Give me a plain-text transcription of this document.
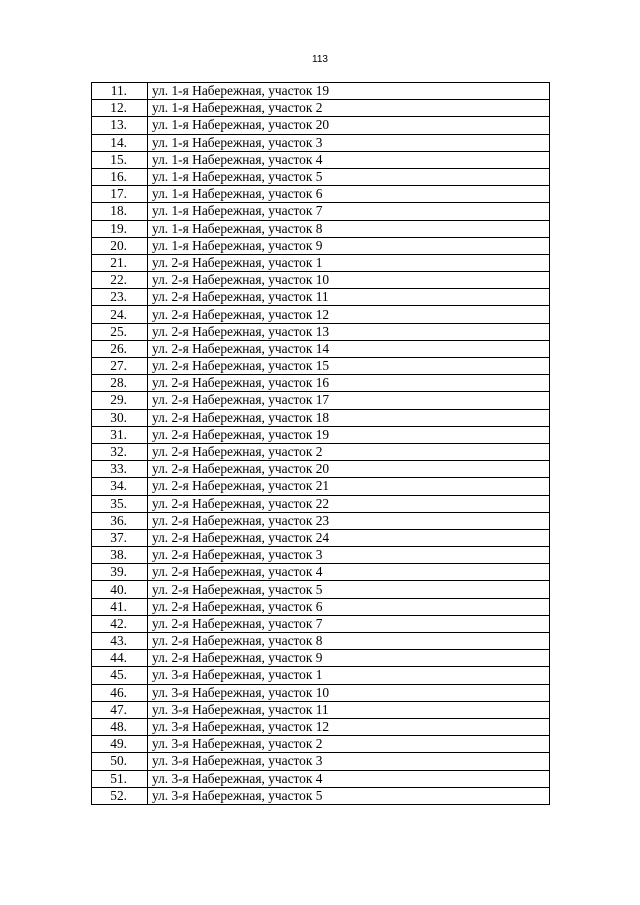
113
11.	ул. 1-я Набережная, участок 19
12.	ул. 1-я Набережная, участок 2
13.	ул. 1-я Набережная, участок 20
14.	ул. 1-я Набережная, участок 3
15.	ул. 1-я Набережная, участок 4
16.	ул. 1-я Набережная, участок 5
17.	ул. 1-я Набережная, участок 6
18.	ул. 1-я Набережная, участок 7
19.	ул. 1-я Набережная, участок 8
20.	ул. 1-я Набережная, участок 9
21.	ул. 2-я Набережная, участок 1
22.	ул. 2-я Набережная, участок 10
23.	ул. 2-я Набережная, участок 11
24.	ул. 2-я Набережная, участок 12
25.	ул. 2-я Набережная, участок 13
26.	ул. 2-я Набережная, участок 14
27.	ул. 2-я Набережная, участок 15
28.	ул. 2-я Набережная, участок 16
29.	ул. 2-я Набережная, участок 17
30.	ул. 2-я Набережная, участок 18
31.	ул. 2-я Набережная, участок 19
32.	ул. 2-я Набережная, участок 2
33.	ул. 2-я Набережная, участок 20
34.	ул. 2-я Набережная, участок 21
35.	ул. 2-я Набережная, участок 22
36.	ул. 2-я Набережная, участок 23
37.	ул. 2-я Набережная, участок 24
38.	ул. 2-я Набережная, участок 3
39.	ул. 2-я Набережная, участок 4
40.	ул. 2-я Набережная, участок 5
41.	ул. 2-я Набережная, участок 6
42.	ул. 2-я Набережная, участок 7
43.	ул. 2-я Набережная, участок 8
44.	ул. 2-я Набережная, участок 9
45.	ул. 3-я Набережная, участок 1
46.	ул. 3-я Набережная, участок 10
47.	ул. 3-я Набережная, участок 11
48.	ул. 3-я Набережная, участок 12
49.	ул. 3-я Набережная, участок 2
50.	ул. 3-я Набережная, участок 3
51.	ул. 3-я Набережная, участок 4
52.	ул. 3-я Набережная, участок 5
